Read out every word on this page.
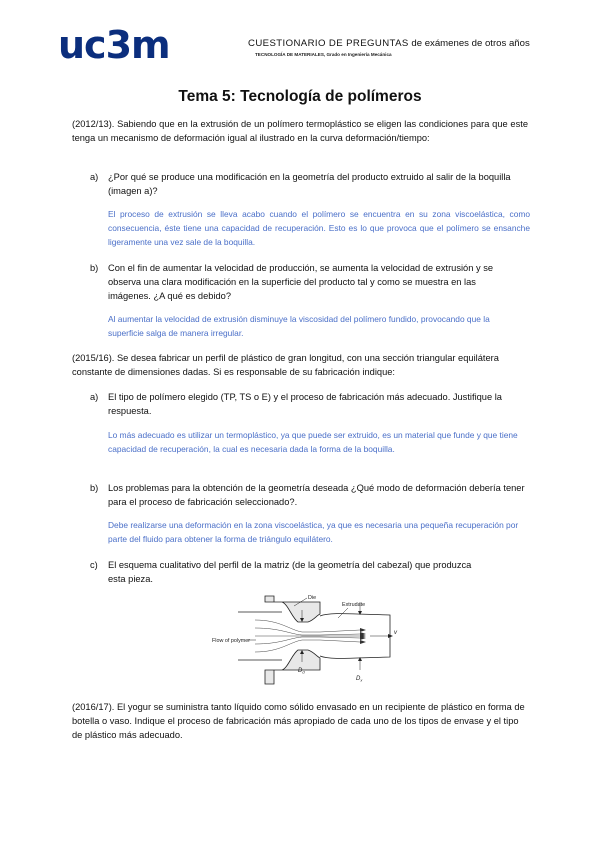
uc3m	CUESTIONARIO DE PREGUNTAS de exámenes de otros años
TECNOLOGÍA DE MATERIALES, Grado en Ingeniería Mecánica
Tema 5: Tecnología de polímeros
(2012/13). Sabiendo que en la extrusión de un polímero termoplástico se eligen las condiciones para que este tenga un mecanismo de deformación igual al ilustrado en la curva deformación/tiempo:
a) ¿Por qué se produce una modificación en la geometría del producto extruido al salir de la boquilla (imagen a)?
El proceso de extrusión se lleva acabo cuando el polímero se encuentra en su zona viscoelástica, como consecuencia, éste tiene una capacidad de recuperación. Esto es lo que provoca que el polímero se ensanche ligeramente una vez sale de la boquilla.
b) Con el fin de aumentar la velocidad de producción, se aumenta la velocidad de extrusión y se observa una clara modificación en la superficie del producto tal y como se muestra en las imágenes. ¿A qué es debido?
Al aumentar la velocidad de extrusión disminuye la viscosidad del polímero fundido, provocando que la superficie salga de manera irregular.
(2015/16). Se desea fabricar un perfil de plástico de gran longitud, con una sección triangular equilátera constante de dimensiones dadas. Si es responsable de su fabricación indique:
a) El tipo de polímero elegido (TP, TS o E) y el proceso de fabricación más adecuado. Justifique la respuesta.
Lo más adecuado es utilizar un termoplástico, ya que puede ser extruido, es un material que funde y que tiene capacidad de recuperación, la cual es necesaria dada la forma de la boquilla.
b) Los problemas para la obtención de la geometría deseada ¿Qué modo de deformación debería tener para el proceso de fabricación seleccionado?.
Debe realizarse una deformación en la zona viscoelástica, ya que es necesaria una pequeña recuperación por parte del fluido para obtener la forma de triángulo equilátero.
c) El esquema cualitativo del perfil de la matriz (de la geometría del cabezal) que produzca esta pieza.
v
Flow of polymer
Die
Extrudate
$D_d$
$D_x$
(2016/17). El yogur se suministra tanto líquido como sólido envasado en un recipiente de plástico en forma de botella o vaso. Indique el proceso de fabricación más apropiado de cada uno de los tipos de envase y el tipo de plástico más adecuado.
